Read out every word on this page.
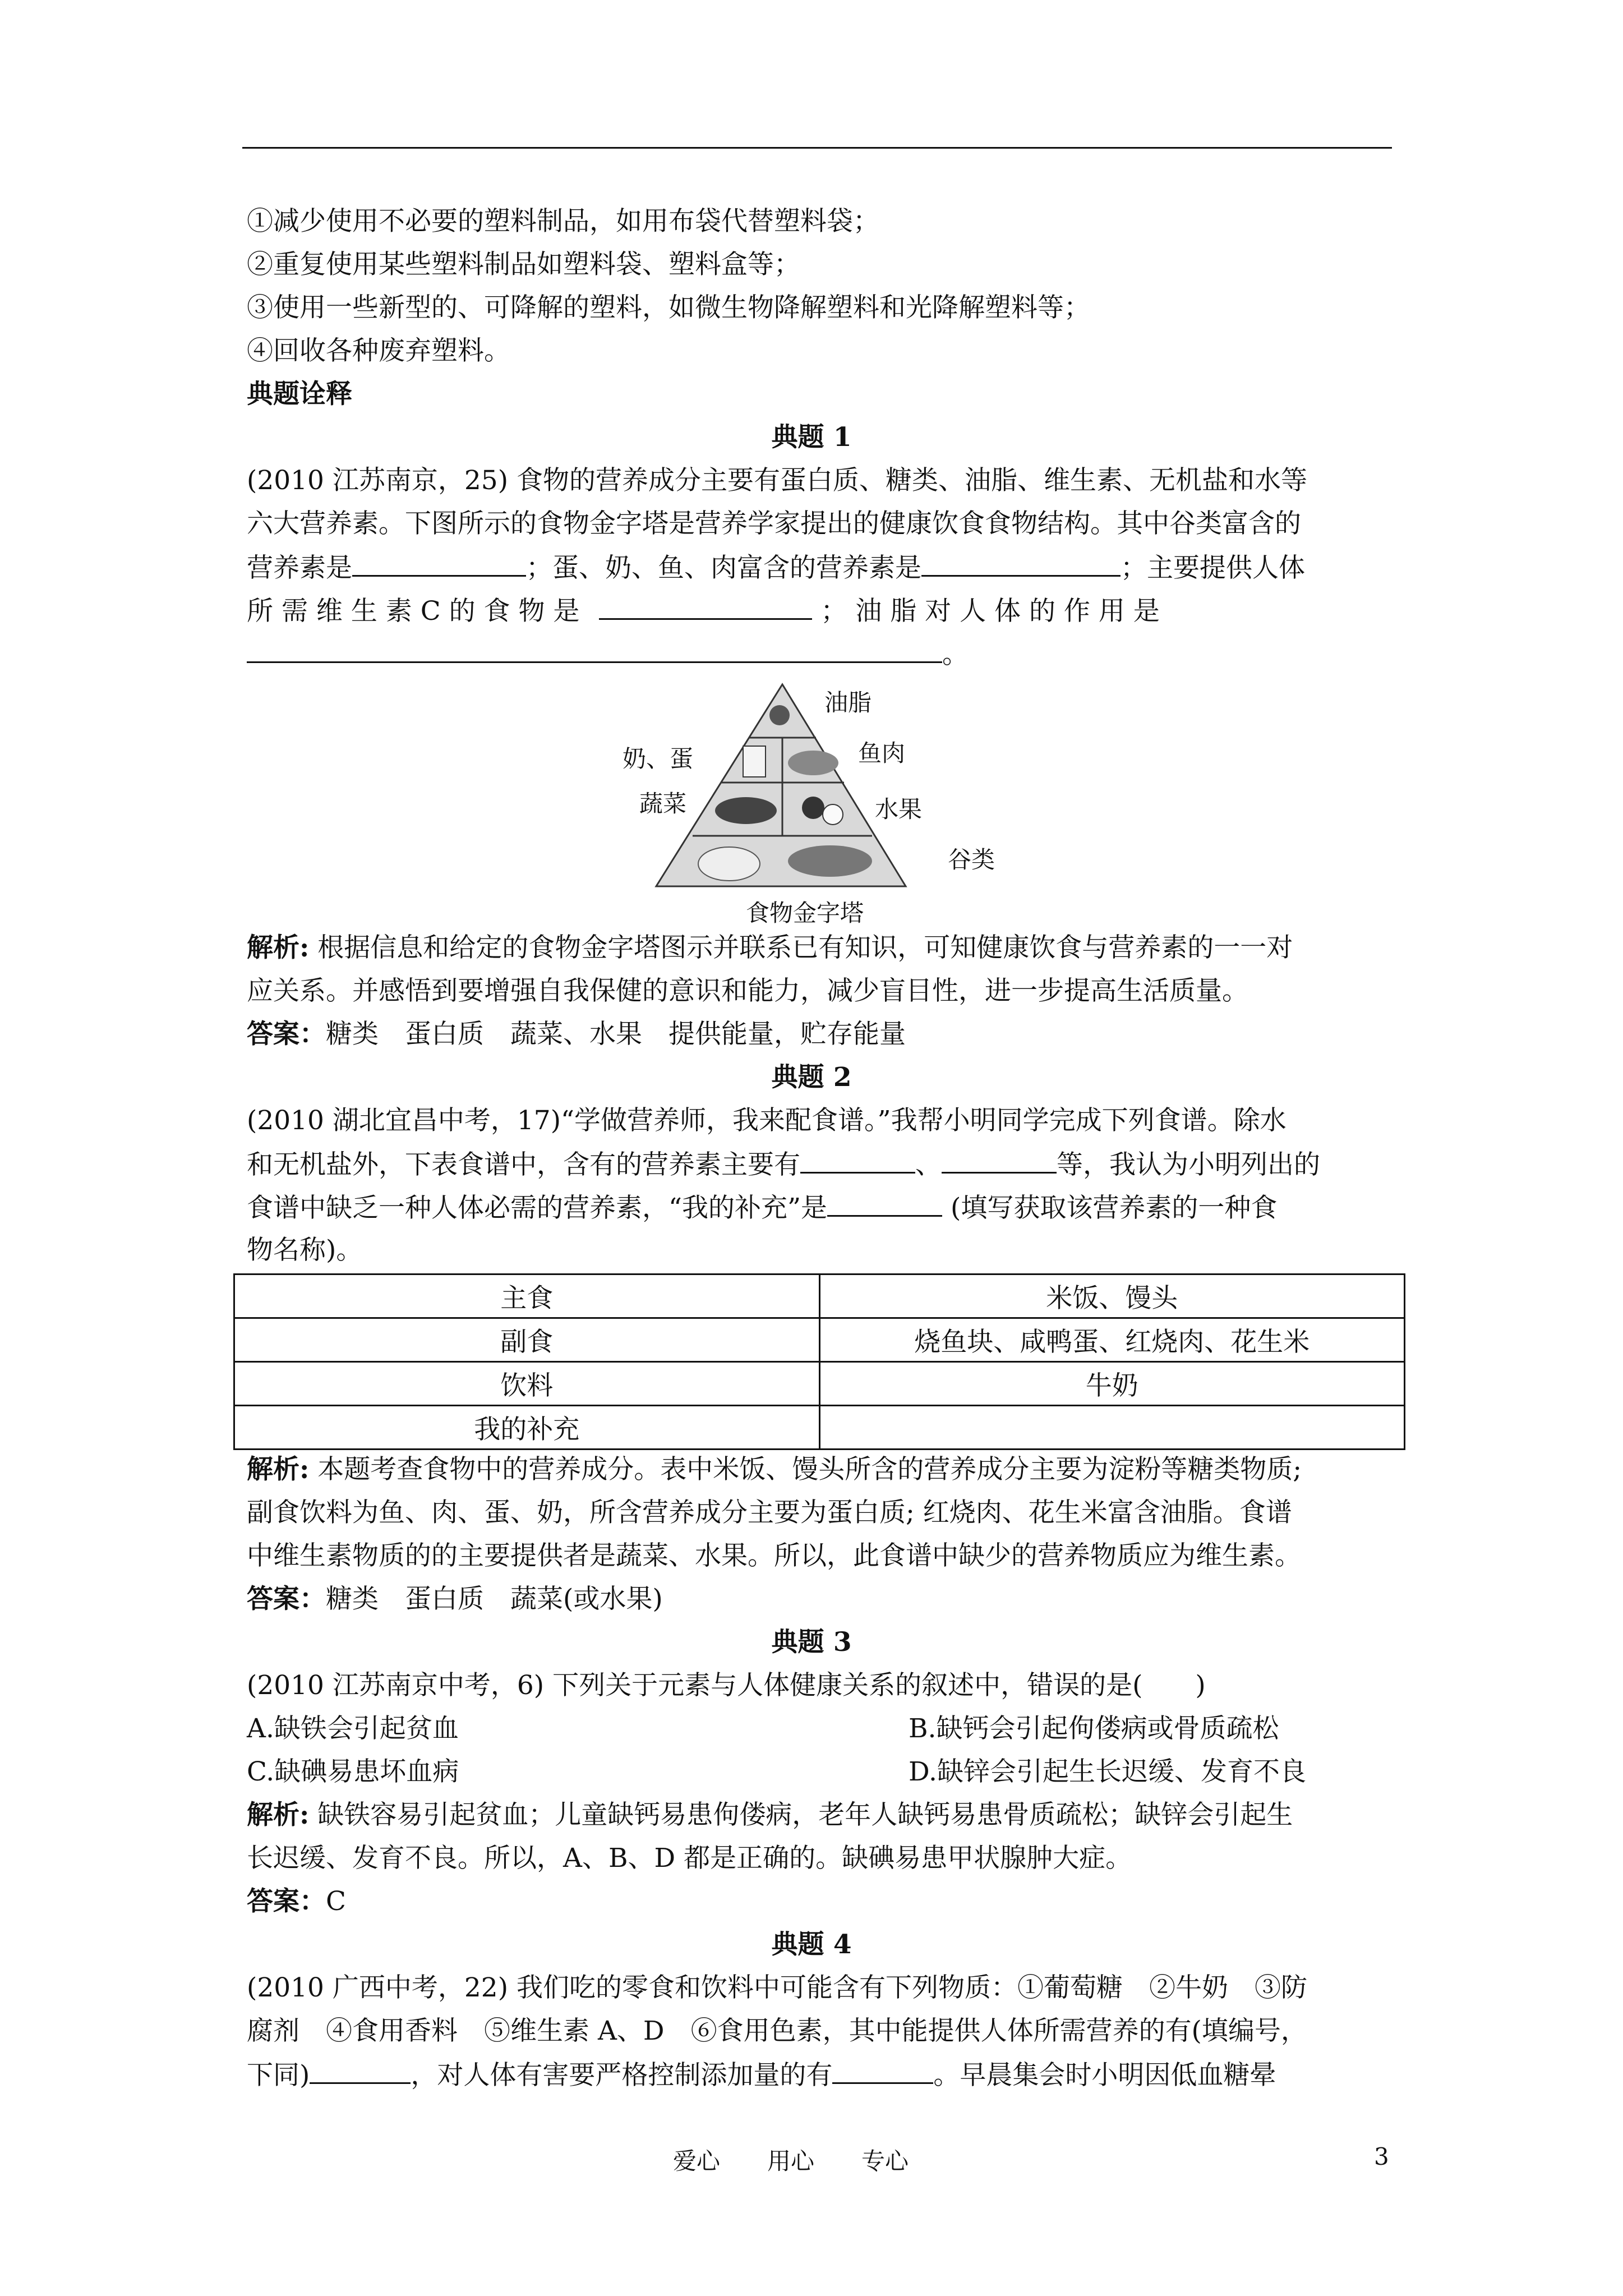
①减少使用不必要的塑料制品，如用布袋代替塑料袋；
②重复使用某些塑料制品如塑料袋、塑料盒等；
③使用一些新型的、可降解的塑料，如微生物降解塑料和光降解塑料等；
④回收各种废弃塑料。
典题诠释
典题 1
(2010 江苏南京，25) 食物的营养成分主要有蛋白质、糖类、油脂、维生素、无机盐和水等
六大营养素。下图所示的食物金字塔是营养学家提出的健康饮食食物结构。其中谷类富含的
营养素是	；蛋、奶、鱼、肉富含的营养素是	；主要提供人体
所 需 维 生 素 C 的 食 物 是	； 油 脂 对 人 体 的 作 用 是
。
油脂
鱼肉
奶、蛋
水果
蔬菜
谷类
食物金字塔
解析: 根据信息和给定的食物金字塔图示并联系已有知识，可知健康饮食与营养素的一一对
应关系。并感悟到要增强自我保健的意识和能力，减少盲目性，进一步提高生活质量。
答案：糖类　蛋白质　蔬菜、水果　提供能量，贮存能量
典题 2
(2010 湖北宜昌中考，17)“学做营养师，我来配食谱。”我帮小明同学完成下列食谱。除水
和无机盐外，下表食谱中，含有的营养素主要有	、	等，我认为小明列出的
食谱中缺乏一种人体必需的营养素，“我的补充”是	(填写获取该营养素的一种食
物名称)。
主食	米饭、馒头
副食	烧鱼块、咸鸭蛋、红烧肉、花生米
饮料	牛奶
我的补充	
解析: 本题考查食物中的营养成分。表中米饭、馒头所含的营养成分主要为淀粉等糖类物质;
副食饮料为鱼、肉、蛋、奶，所含营养成分主要为蛋白质; 红烧肉、花生米富含油脂。食谱
中维生素物质的的主要提供者是蔬菜、水果。所以，此食谱中缺少的营养物质应为维生素。
答案：糖类　蛋白质　蔬菜(或水果)
典题 3
(2010 江苏南京中考，6) 下列关于元素与人体健康关系的叙述中，错误的是(　　)
A.缺铁会引起贫血	B.缺钙会引起佝偻病或骨质疏松
C.缺碘易患坏血病	D.缺锌会引起生长迟缓、发育不良
解析: 缺铁容易引起贫血；儿童缺钙易患佝偻病，老年人缺钙易患骨质疏松；缺锌会引起生
长迟缓、发育不良。所以，A、B、D 都是正确的。缺碘易患甲状腺肿大症。
答案：C
典题 4
(2010 广西中考，22) 我们吃的零食和饮料中可能含有下列物质：①葡萄糖　②牛奶　③防
腐剂　④食用香料　⑤维生素 A、D　⑥食用色素，其中能提供人体所需营养的有(填编号，
下同)	，对人体有害要严格控制添加量的有	。早晨集会时小明因低血糖晕
爱心　　用心　　专心	3
